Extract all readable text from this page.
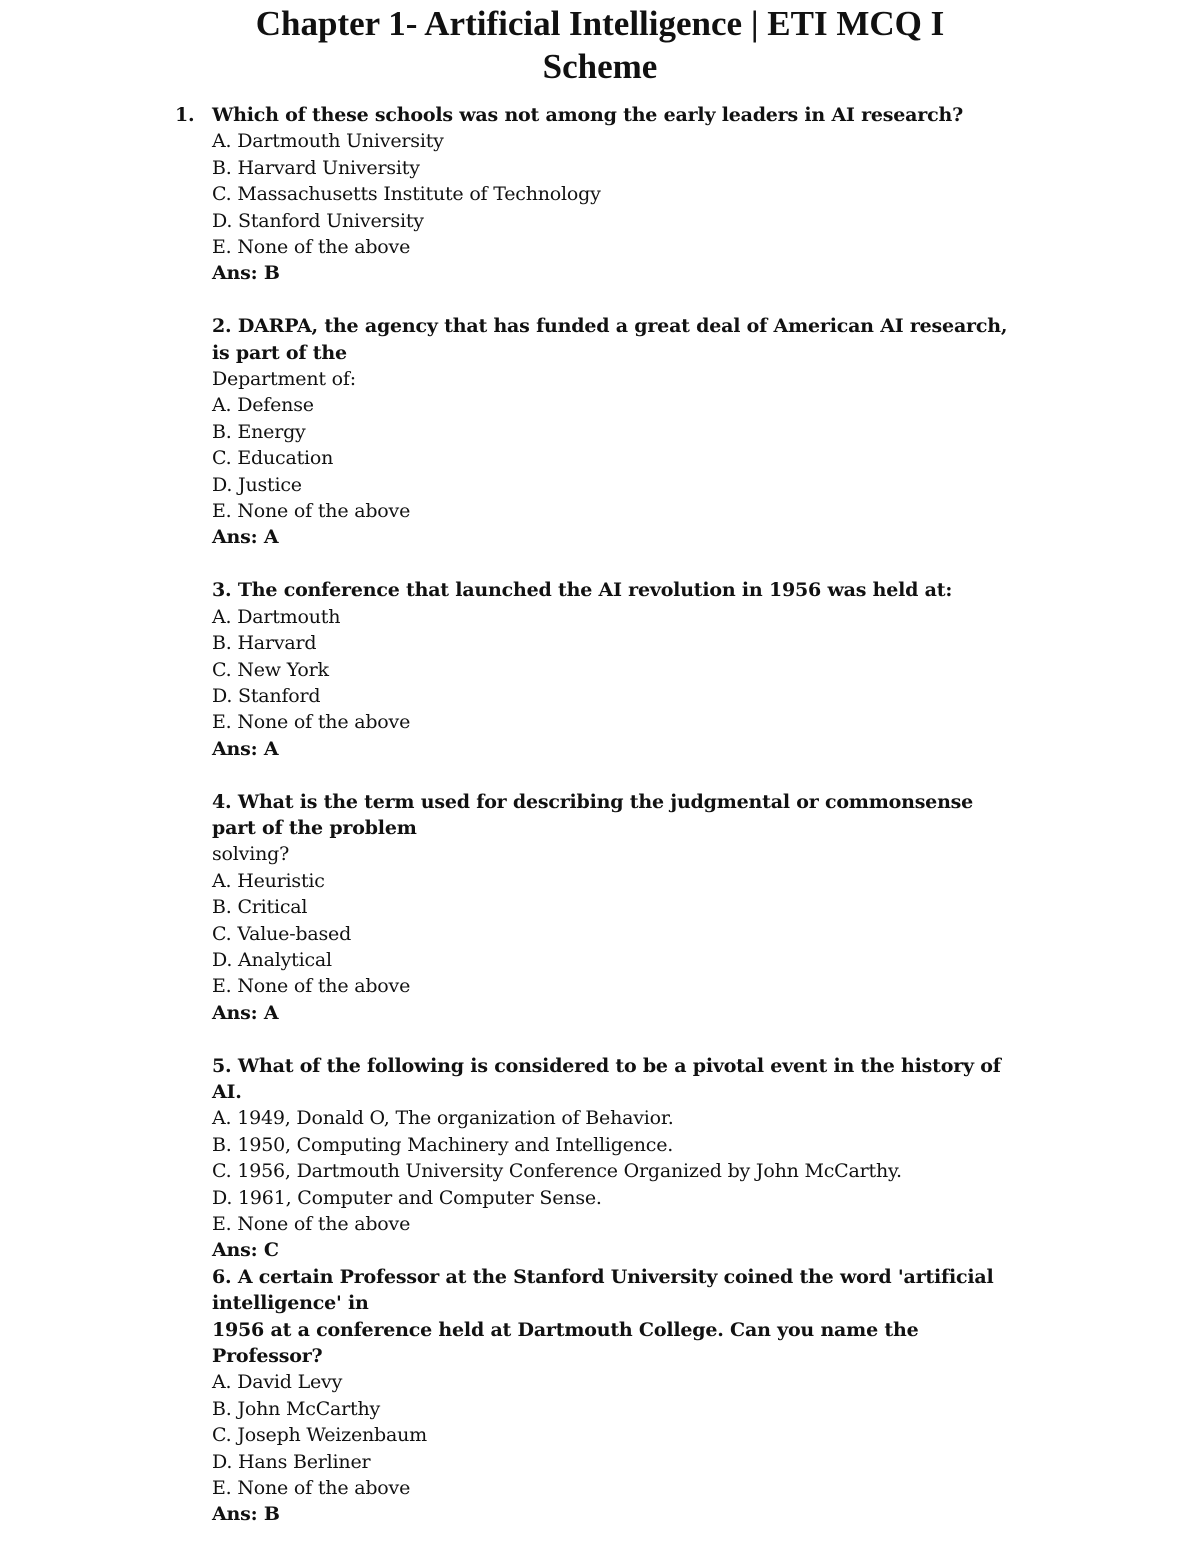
Chapter 1- Artificial Intelligence | ETI MCQ I
Scheme
1. Which of these schools was not among the early leaders in AI research?
A. Dartmouth University
B. Harvard University
C. Massachusetts Institute of Technology
D. Stanford University
E. None of the above
Ans: B
2. DARPA, the agency that has funded a great deal of American AI research,
is part of the
Department of:
A. Defense
B. Energy
C. Education
D. Justice
E. None of the above
Ans: A
3. The conference that launched the AI revolution in 1956 was held at:
A. Dartmouth
B. Harvard
C. New York
D. Stanford
E. None of the above
Ans: A
4. What is the term used for describing the judgmental or commonsense
part of the problem
solving?
A. Heuristic
B. Critical
C. Value-based
D. Analytical
E. None of the above
Ans: A
5. What of the following is considered to be a pivotal event in the history of
AI.
A. 1949, Donald O, The organization of Behavior.
B. 1950, Computing Machinery and Intelligence.
C. 1956, Dartmouth University Conference Organized by John McCarthy.
D. 1961, Computer and Computer Sense.
E. None of the above
Ans: C
6. A certain Professor at the Stanford University coined the word 'artificial
intelligence' in
1956 at a conference held at Dartmouth College. Can you name the
Professor?
A. David Levy
B. John McCarthy
C. Joseph Weizenbaum
D. Hans Berliner
E. None of the above
Ans: B
